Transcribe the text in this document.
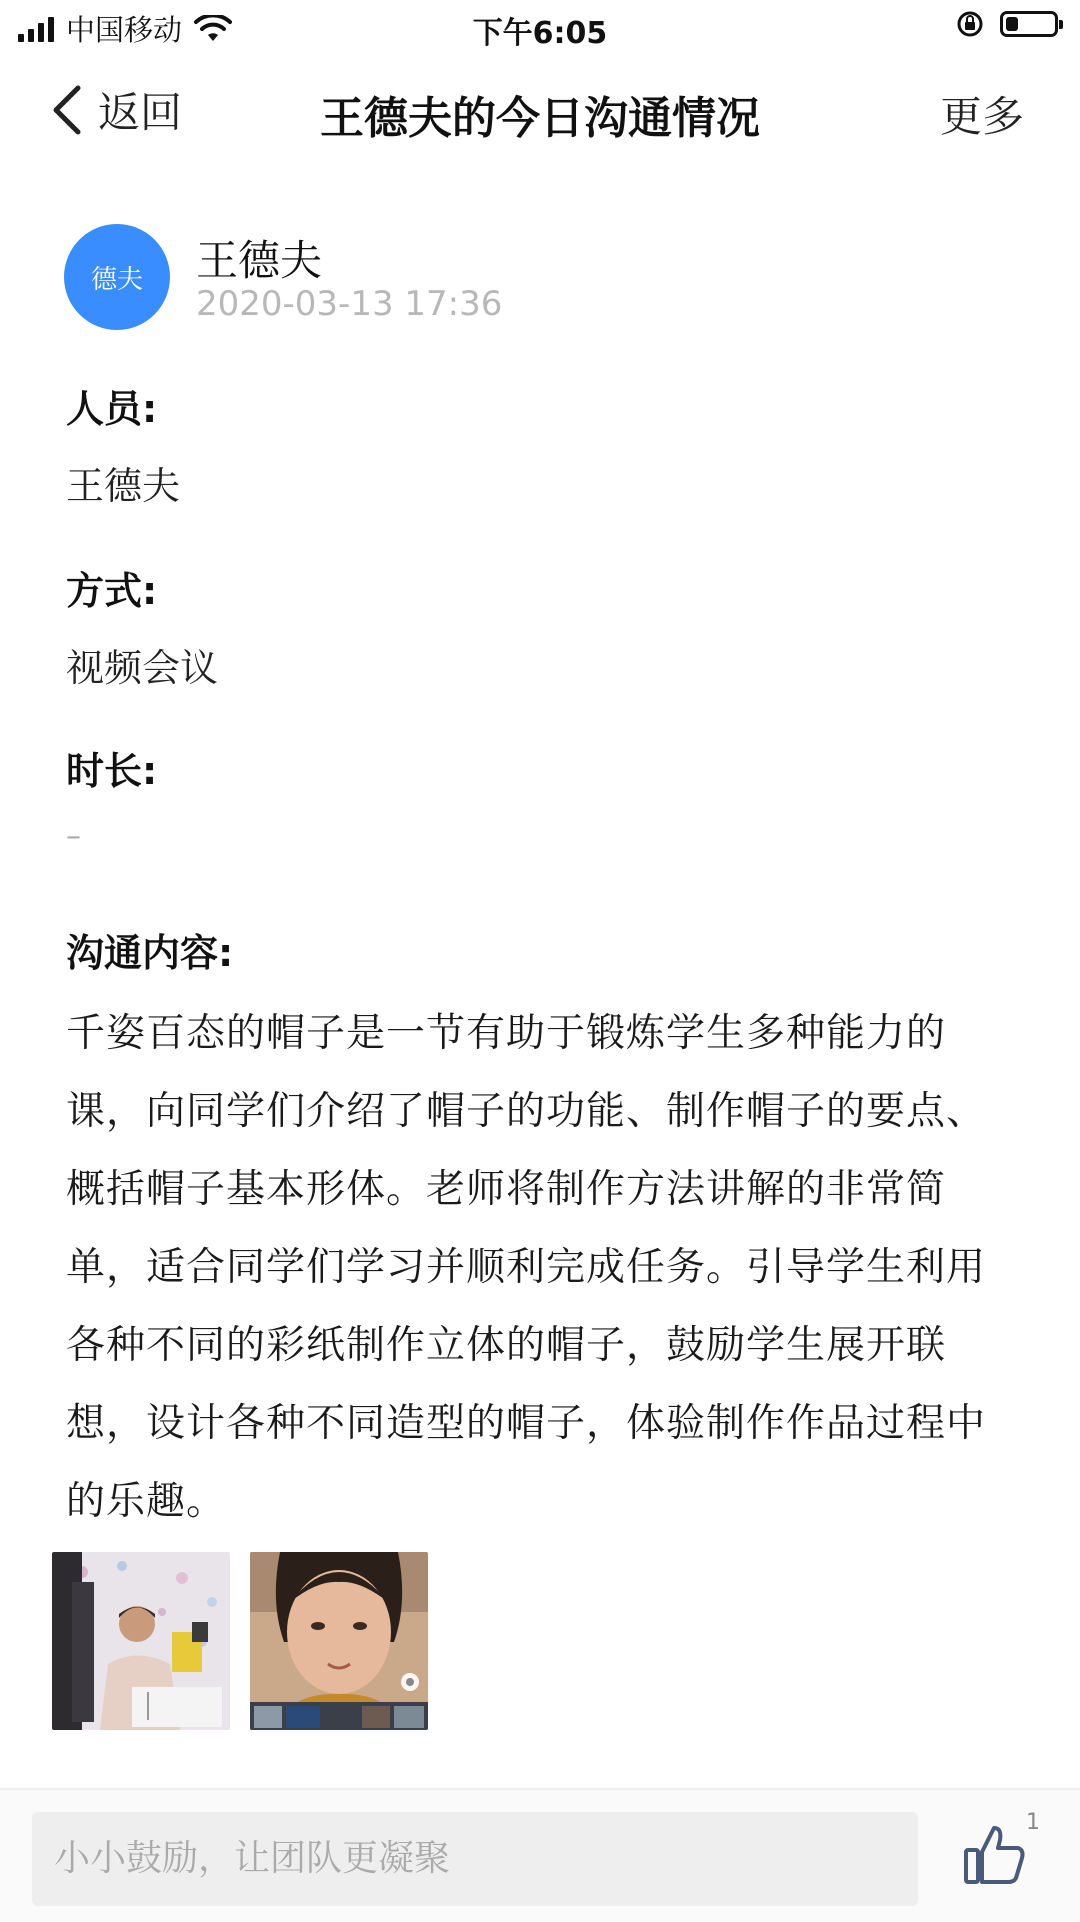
中国移动	下午6:05
返回	王德夫的今日沟通情况	更多
德夫 王德夫
2020-03-13 17:36
人员:
王德夫
方式:
视频会议
时长:
–
沟通内容:
千姿百态的帽子是一节有助于锻炼学生多种能力的课，向同学们介绍了帽子的功能、制作帽子的要点、概括帽子基本形体。老师将制作方法讲解的非常简单，适合同学们学习并顺利完成任务。引导学生利用各种不同的彩纸制作立体的帽子，鼓励学生展开联想，设计各种不同造型的帽子，体验制作作品过程中的乐趣。
小小鼓励，让团队更凝聚
1
